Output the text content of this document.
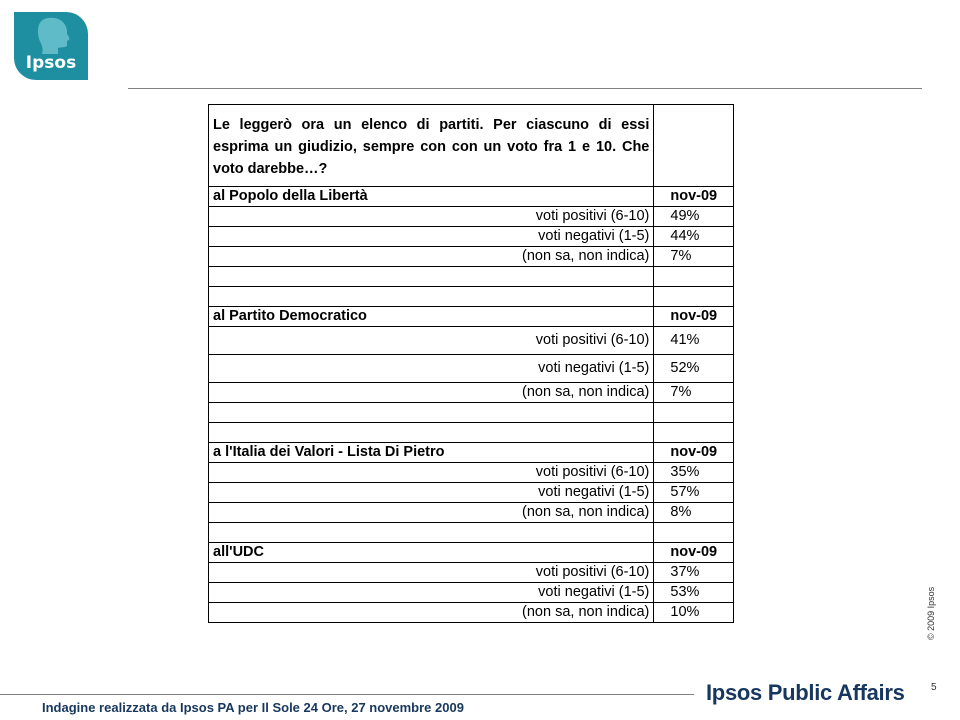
Ipsos
Le leggerò ora un elenco di partiti. Per ciascuno di essi esprima un giudizio, sempre con con un voto fra 1 e 10. Che voto darebbe…?	
al Popolo della Libertà	nov-09
voti positivi (6-10)	49%
voti negativi (1-5)	44%
(non sa, non indica)	7%

al Partito Democratico	nov-09
voti positivi (6-10)	41%
voti negativi (1-5)	52%
(non sa, non indica)	7%

a l'Italia dei Valori - Lista Di Pietro	nov-09
voti positivi (6-10)	35%
voti negativi (1-5)	57%
(non sa, non indica)	8%

all'UDC	nov-09
voti positivi (6-10)	37%
voti negativi (1-5)	53%
(non sa, non indica)	10%	© 2009 Ipsos
5
Indagine realizzata da Ipsos PA per Il Sole 24 Ore, 27 novembre 2009
Ipsos Public Affairs
